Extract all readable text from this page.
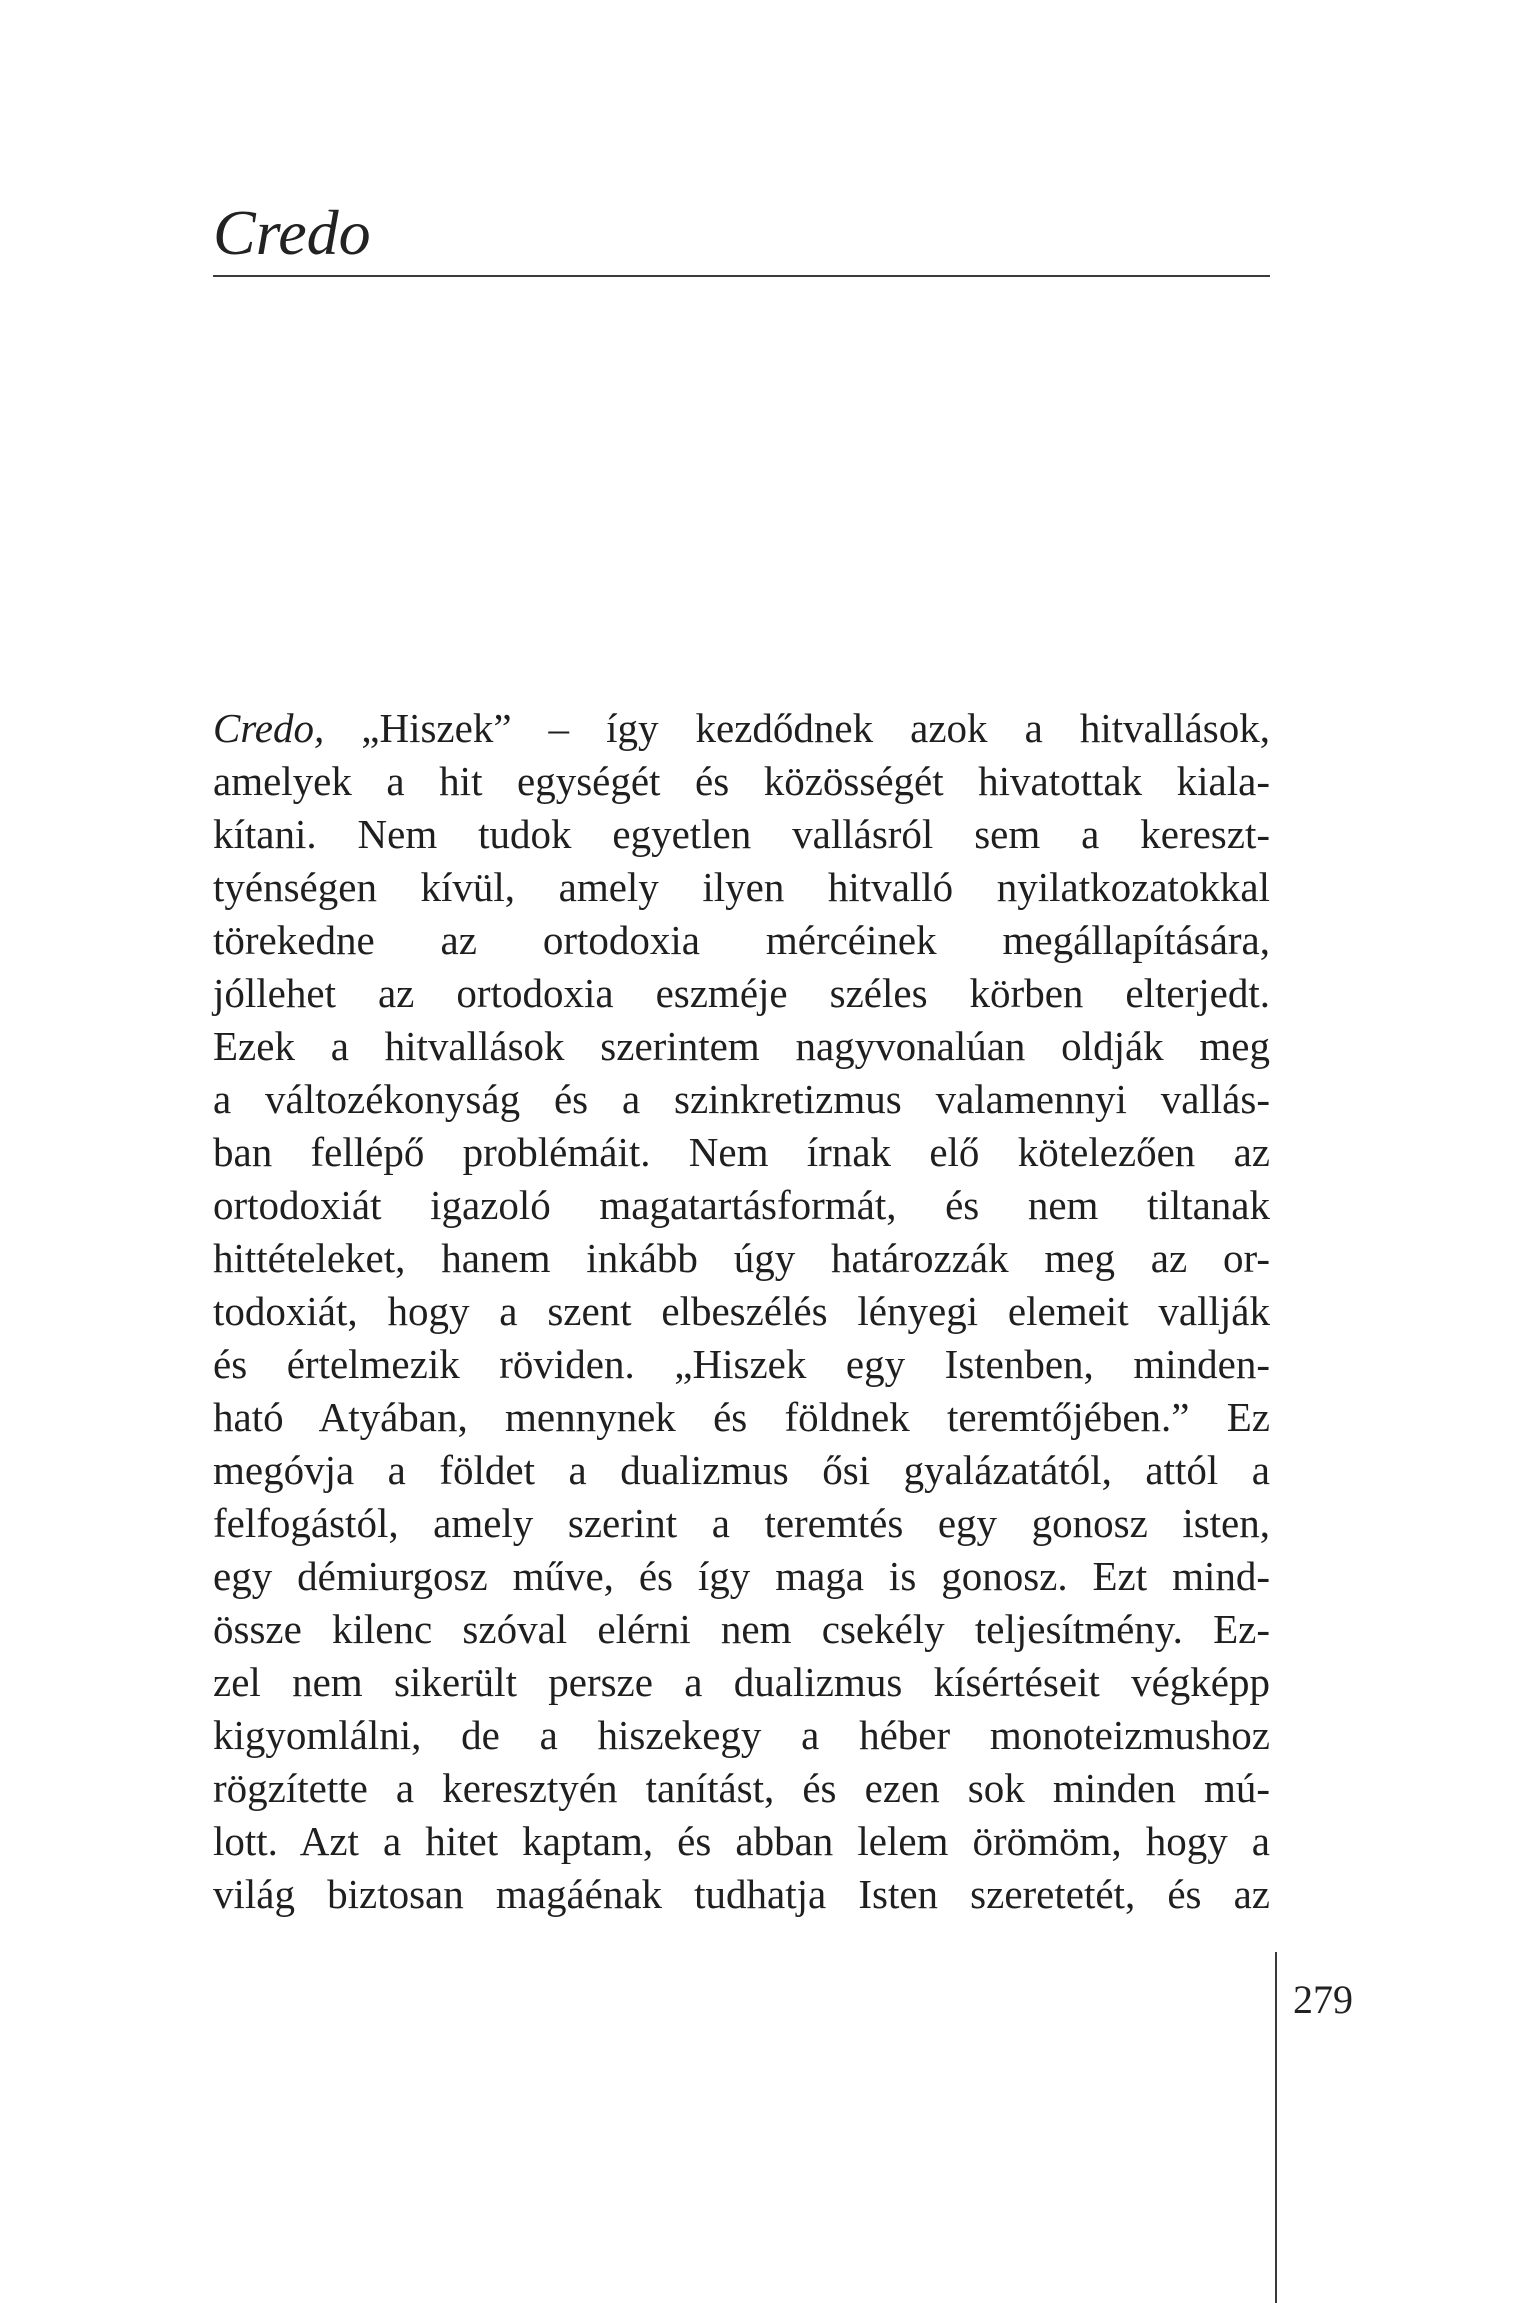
Credo
Credo, „Hiszek” – így kezdődnek azok a hitvallások,
amelyek a hit egységét és közösségét hivatottak kiala-
kítani. Nem tudok egyetlen vallásról sem a kereszt-
tyénségen kívül, amely ilyen hitvalló nyilatkozatokkal
törekedne az ortodoxia mércéinek megállapítására,
jóllehet az ortodoxia eszméje széles körben elterjedt.
Ezek a hitvallások szerintem nagyvonalúan oldják meg
a változékonyság és a szinkretizmus valamennyi vallás-
ban fellépő problémáit. Nem írnak elő kötelezően az
ortodoxiát igazoló magatartásformát, és nem tiltanak
hittételeket, hanem inkább úgy határozzák meg az or-
todoxiát, hogy a szent elbeszélés lényegi elemeit vallják
és értelmezik röviden. „Hiszek egy Istenben, minden-
ható Atyában, mennynek és földnek teremtőjében.” Ez
megóvja a földet a dualizmus ősi gyalázatától, attól a
felfogástól, amely szerint a teremtés egy gonosz isten,
egy démiurgosz műve, és így maga is gonosz. Ezt mind-
össze kilenc szóval elérni nem csekély teljesítmény. Ez-
zel nem sikerült persze a dualizmus kísértéseit végképp
kigyomlálni, de a hiszekegy a héber monoteizmushoz
rögzítette a keresztyén tanítást, és ezen sok minden mú-
lott. Azt a hitet kaptam, és abban lelem örömöm, hogy a
világ biztosan magáénak tudhatja Isten szeretetét, és az
279
